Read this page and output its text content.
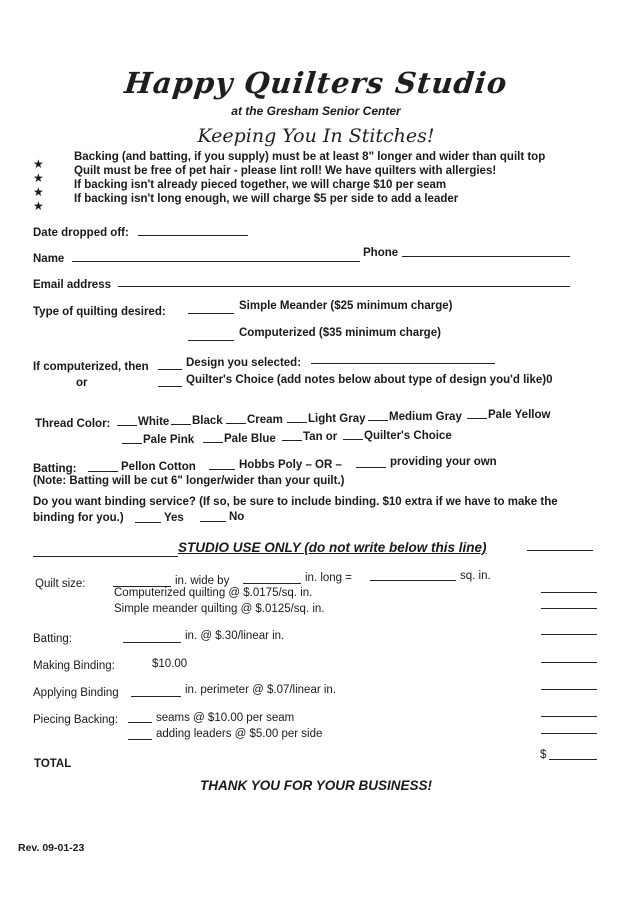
Happy Quilters Studio
at the Gresham Senior Center
Keeping You In Stitches!
★
★
★
★
Backing (and batting, if you supply) must be at least 8" longer and wider than quilt top
Quilt must be free of pet hair - please lint roll! We have quilters with allergies!
If backing isn't already pieced together, we will charge $10 per seam
If backing isn't long enough, we will charge $5 per side to add a leader
Date dropped off:
Name	Phone
Email address
Type of quilting desired:	Simple Meander ($25 minimum charge)
Computerized ($35 minimum charge)
If computerized, then	Design you selected:
or	Quilter's Choice (add notes below about type of design you'd like)0
Thread Color: White Black Cream Light Gray Medium Gray Pale Yellow
Pale Pink	Pale Blue Tan or Quilter's Choice
Batting:	Pellon Cotton	Hobbs Poly – OR –	providing your own
(Note: Batting will be cut 6" longer/wider than your quilt.)
Do you want binding service? (If so, be sure to include binding. $10 extra if we have to make the
binding for you.)	Yes	No
STUDIO USE ONLY (do not write below this line)
Quilt size:	in. wide by	in. long =	sq. in.
Computerized quilting @ $.0175/sq. in.
Simple meander quilting @ $.0125/sq. in.
Batting:	in. @ $.30/linear in.
Making Binding:	$10.00
Applying Binding	in. perimeter @ $.07/linear in.
Piecing Backing:	seams @ $10.00 per seam
adding leaders @ $5.00 per side
TOTAL
$
THANK YOU FOR YOUR BUSINESS!
Rev. 09-01-23
